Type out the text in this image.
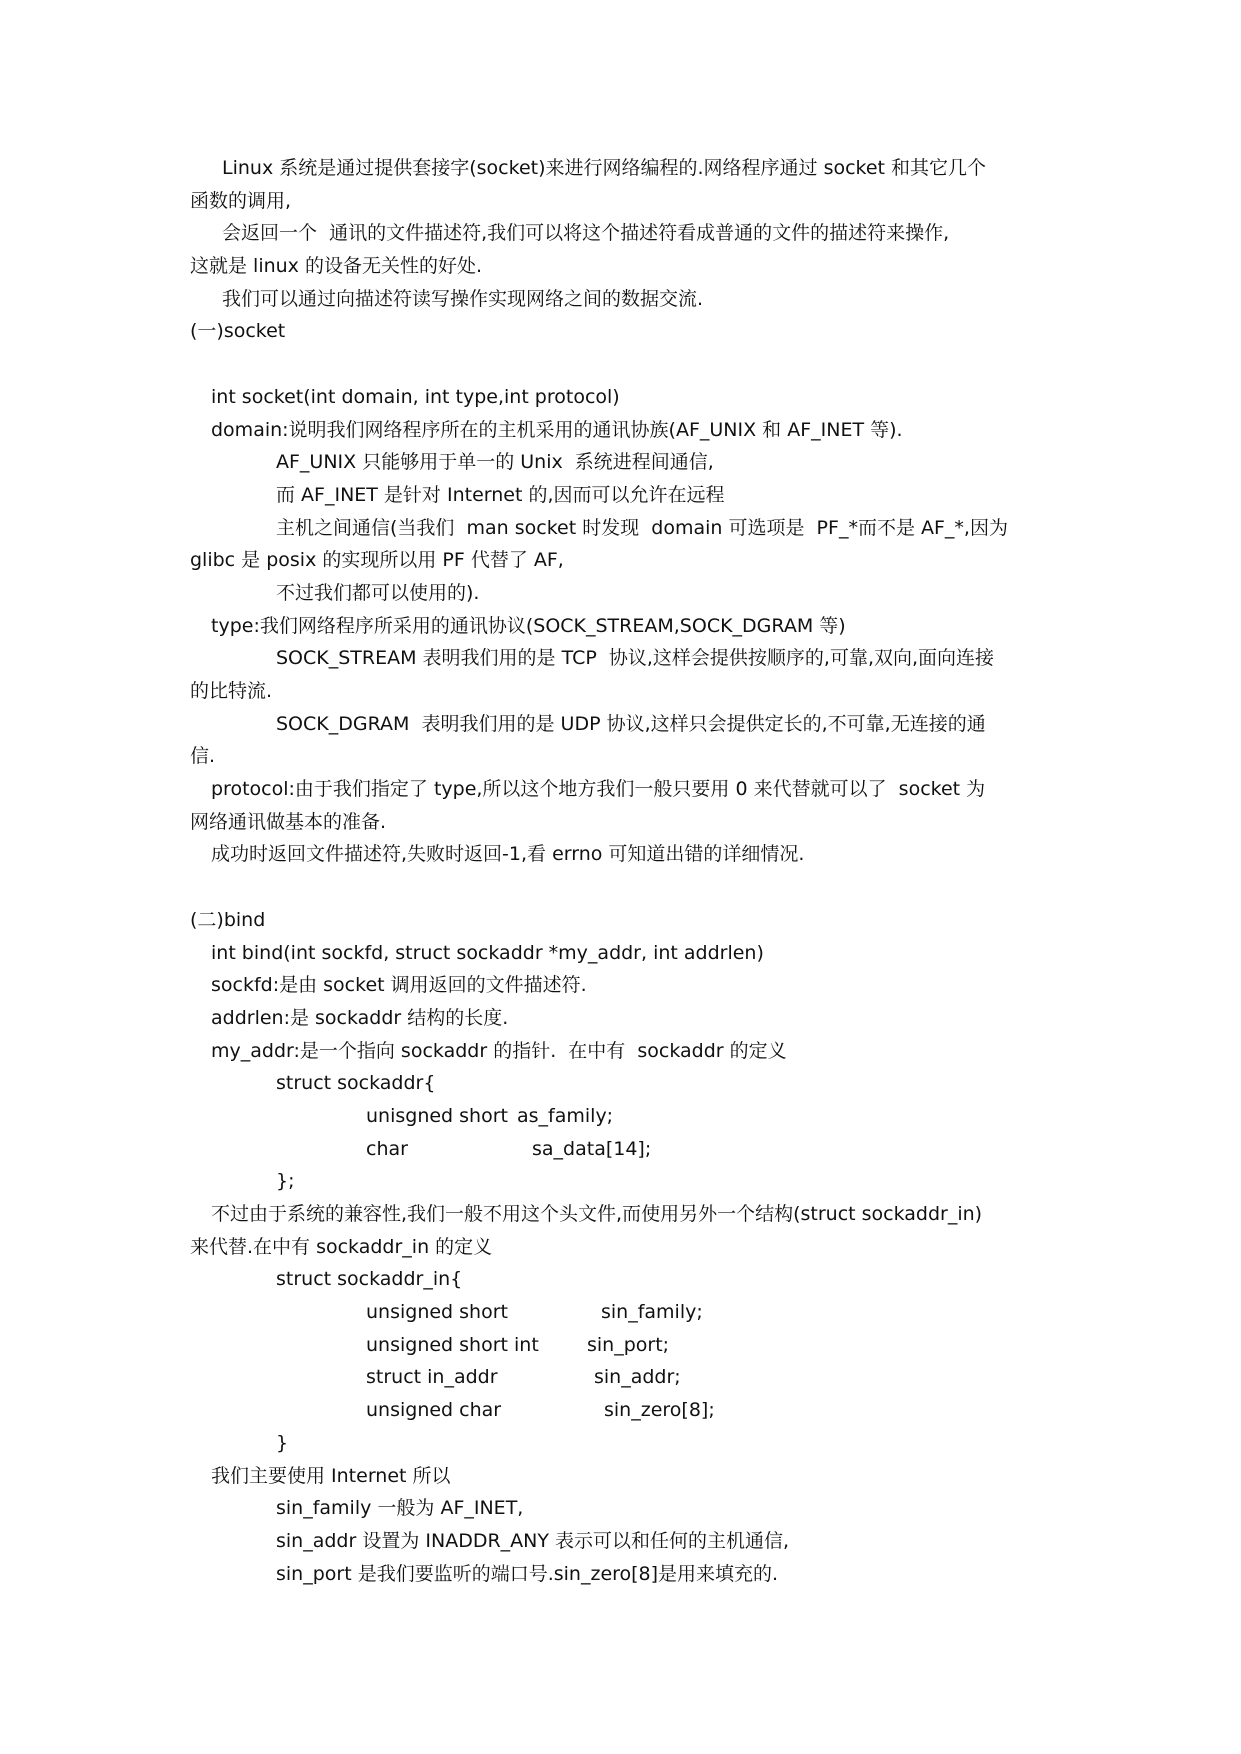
Linux 系统是通过提供套接字(socket)来进行网络编程的.网络程序通过 socket 和其它几个
函数的调用,
会返回一个  通讯的文件描述符,我们可以将这个描述符看成普通的文件的描述符来操作,
这就是 linux 的设备无关性的好处.
我们可以通过向描述符读写操作实现网络之间的数据交流.
(一)socket
int socket(int domain, int type,int protocol)
domain:说明我们网络程序所在的主机采用的通讯协族(AF_UNIX 和 AF_INET 等).
AF_UNIX 只能够用于单一的 Unix  系统进程间通信,
而 AF_INET 是针对 Internet 的,因而可以允许在远程
主机之间通信(当我们  man socket 时发现  domain 可选项是  PF_*而不是 AF_*,因为
glibc 是 posix 的实现所以用 PF 代替了 AF,
不过我们都可以使用的).
type:我们网络程序所采用的通讯协议(SOCK_STREAM,SOCK_DGRAM 等)
SOCK_STREAM 表明我们用的是 TCP  协议,这样会提供按顺序的,可靠,双向,面向连接
的比特流.
SOCK_DGRAM  表明我们用的是 UDP 协议,这样只会提供定长的,不可靠,无连接的通
信.
protocol:由于我们指定了 type,所以这个地方我们一般只要用 0 来代替就可以了  socket 为
网络通讯做基本的准备.
成功时返回文件描述符,失败时返回-1,看 errno 可知道出错的详细情况.
(二)bind
int bind(int sockfd, struct sockaddr *my_addr, int addrlen)
sockfd:是由 socket 调用返回的文件描述符.
addrlen:是 sockaddr 结构的长度.
my_addr:是一个指向 sockaddr 的指针.  在中有  sockaddr 的定义
struct sockaddr{
unisgned short as_family;
char	sa_data[14];
};
不过由于系统的兼容性,我们一般不用这个头文件,而使用另外一个结构(struct sockaddr_in)
来代替.在中有 sockaddr_in 的定义
struct sockaddr_in{
unsigned short	sin_family;
unsigned short int	sin_port;
struct in_addr	sin_addr;
unsigned char	sin_zero[8];
}
我们主要使用 Internet 所以
sin_family 一般为 AF_INET,
sin_addr 设置为 INADDR_ANY 表示可以和任何的主机通信,
sin_port 是我们要监听的端口号.sin_zero[8]是用来填充的.
